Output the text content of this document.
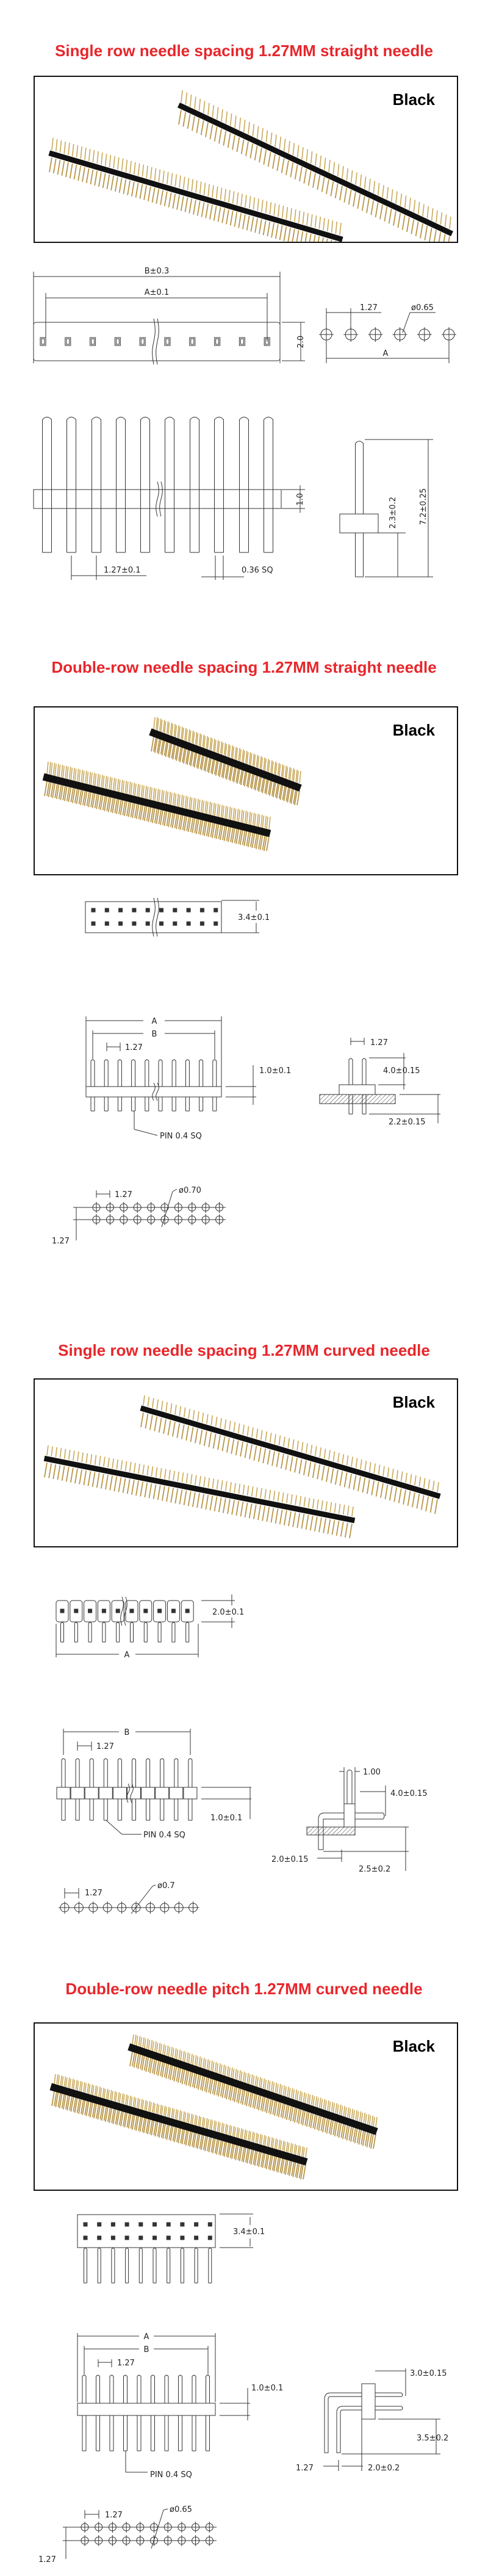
Single row needle spacing 1.27MM straight needle
Black
Double-row needle spacing 1.27MM straight needle
Black
Single row needle spacing 1.27MM curved needle
Black
Double-row needle pitch 1.27MM curved needle
Black
B±0.3
A±0.1
2.0
1.27
A
ø0.65
1.0
1.27±0.1	0.36 SQ
2.3±0.2	7.2±0.25
3.4±0.1
A
B
1.27
PIN 0.4 SQ
1.0±0.1
1.27
4.0±0.15
2.2±0.15
1.27	ø0.70
1.27
2.0±0.1
A
B
1.27
PIN 0.4 SQ
1.0±0.1
1.00
4.0±0.15
2.5±0.2
2.0±0.15
1.27
ø0.7
3.4±0.1
A
B
1.27
PIN 0.4 SQ
1.0±0.1
3.0±0.15
3.5±0.2
1.27	2.0±0.2
1.27
ø0.65
1.27
